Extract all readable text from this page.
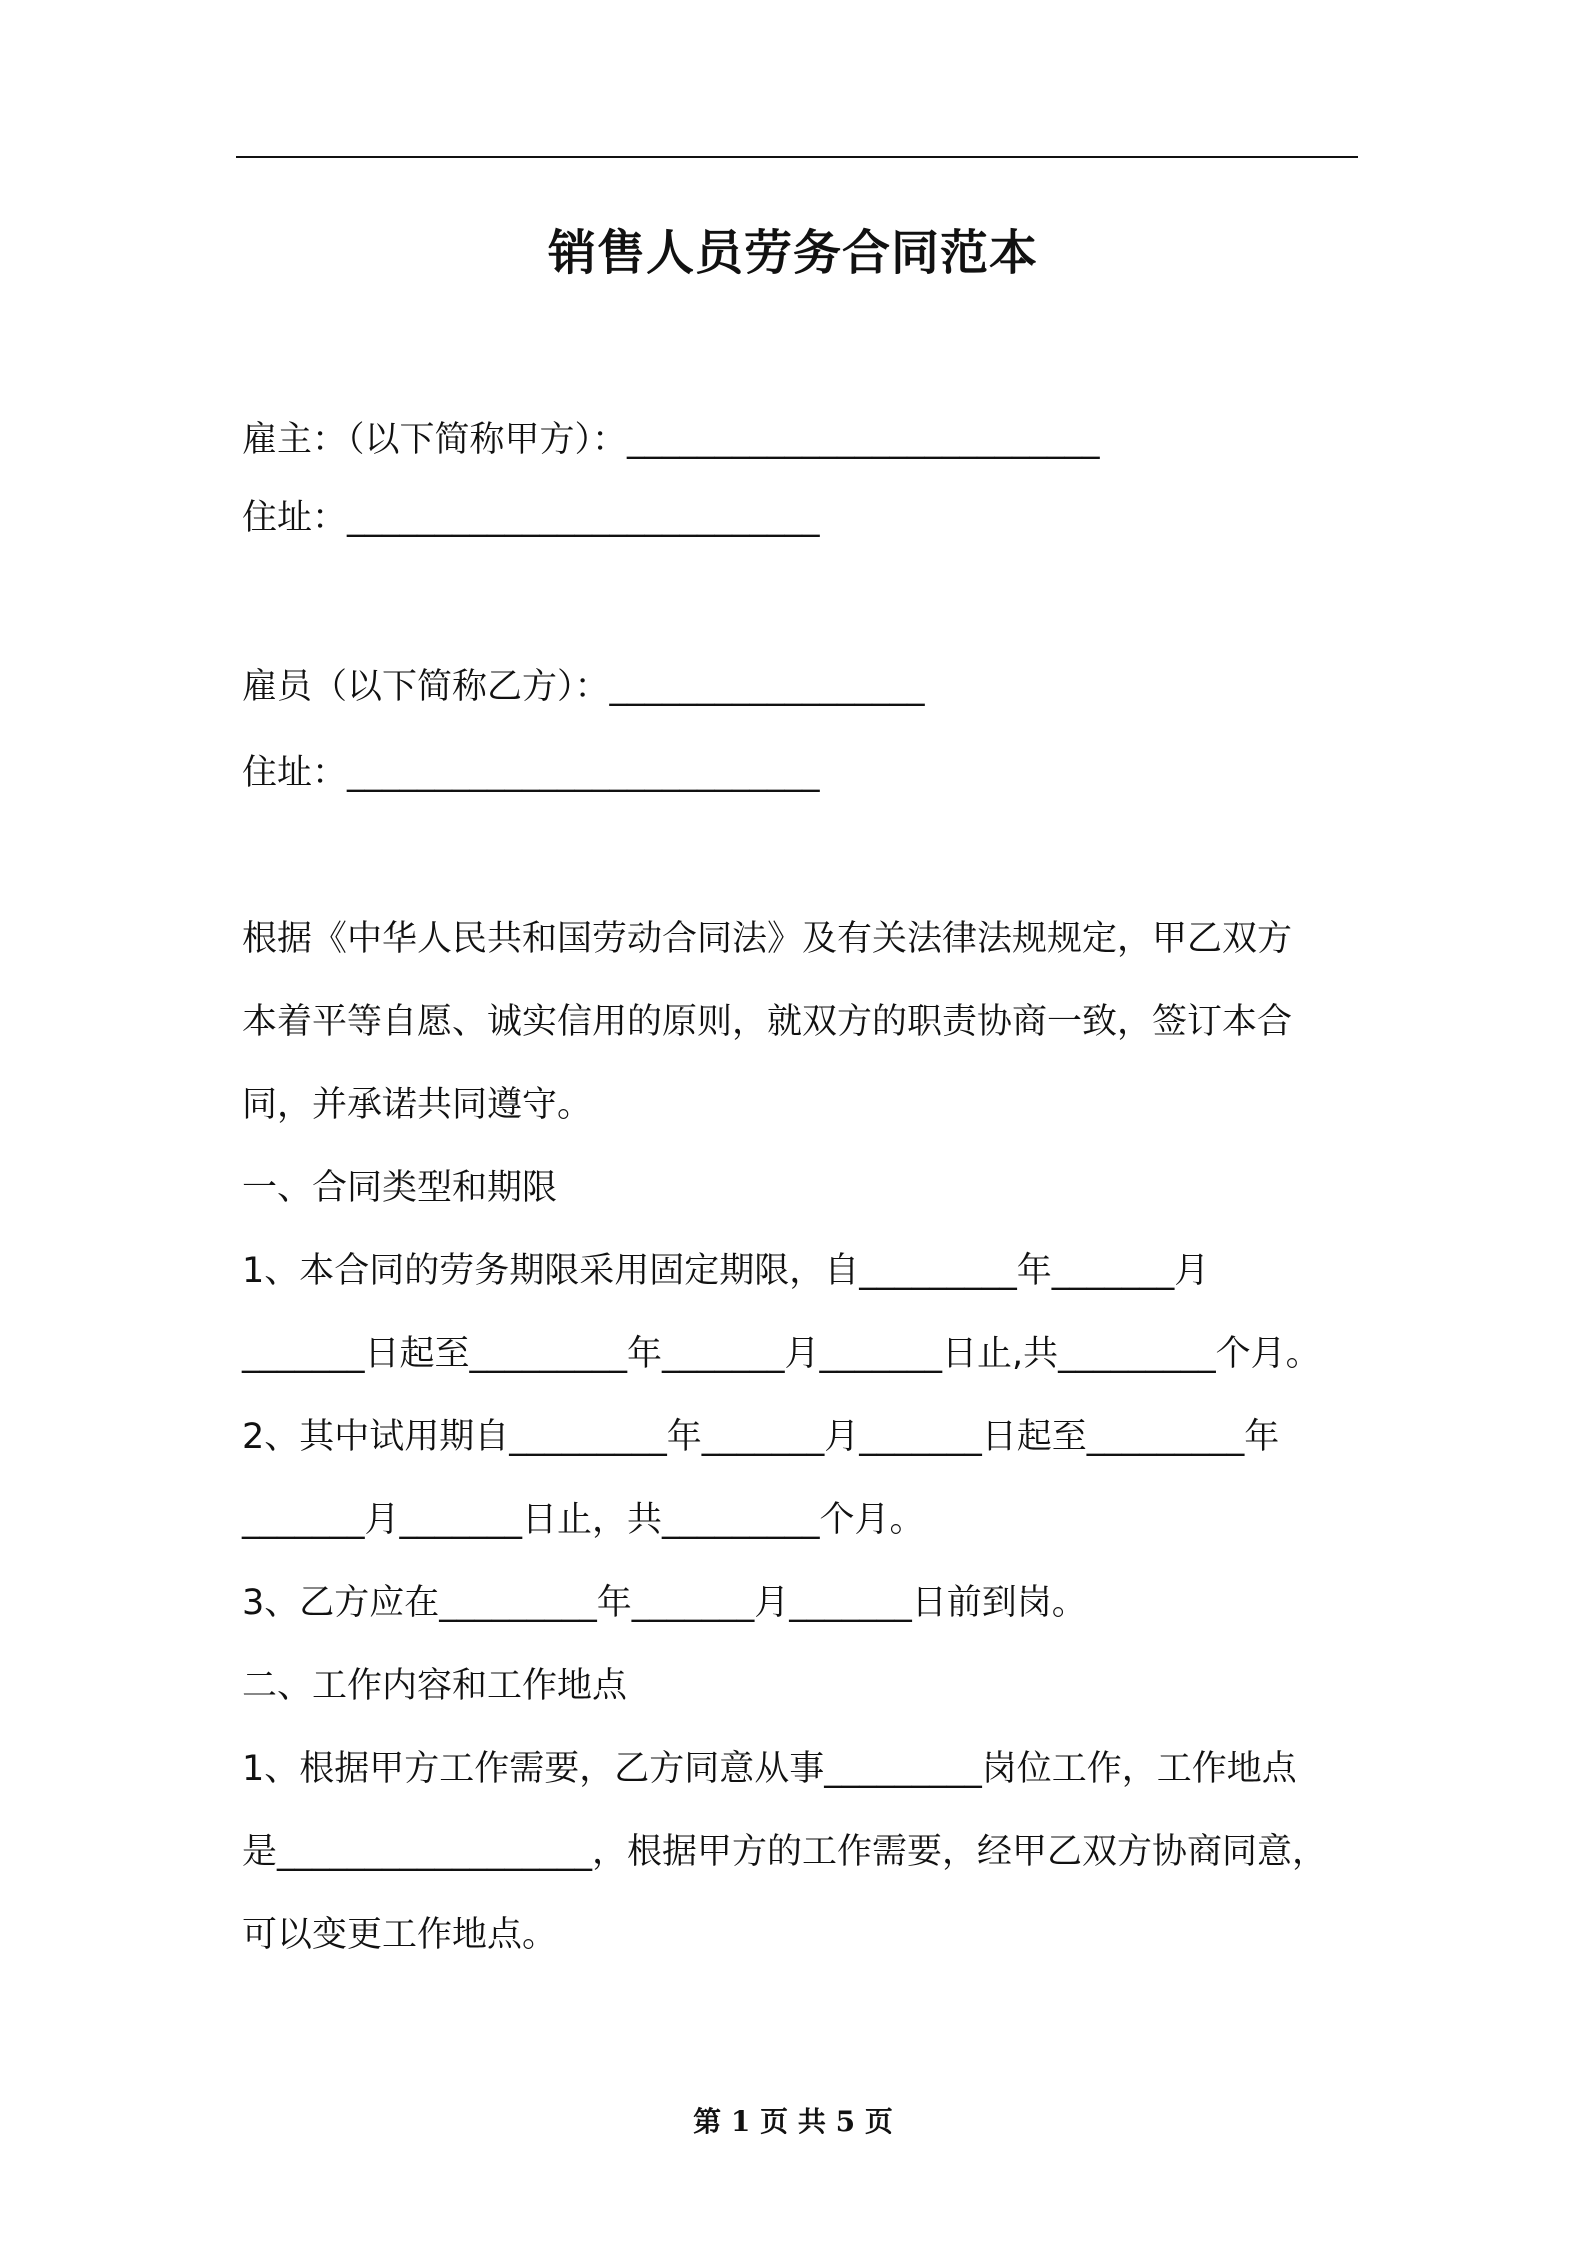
销售人员劳务合同范本
雇主：（以下简称甲方）：___________________________
住址：___________________________
雇员（以下简称乙方）：__________________
住址：___________________________
根据《中华人民共和国劳动合同法》及有关法律法规规定，甲乙双方
本着平等自愿、诚实信用的原则，就双方的职责协商一致，签订本合
同，并承诺共同遵守。
一、合同类型和期限
1、本合同的劳务期限采用固定期限，自_________年_______月
_______日起至_________年_______月_______日止,共_________个月。
2、其中试用期自_________年_______月_______日起至_________年
_______月_______日止，共_________个月。
3、乙方应在_________年_______月_______日前到岗。
二、工作内容和工作地点
1、根据甲方工作需要，乙方同意从事_________岗位工作，工作地点
是__________________，根据甲方的工作需要，经甲乙双方协商同意，
可以变更工作地点。
第 1 页 共 5 页
